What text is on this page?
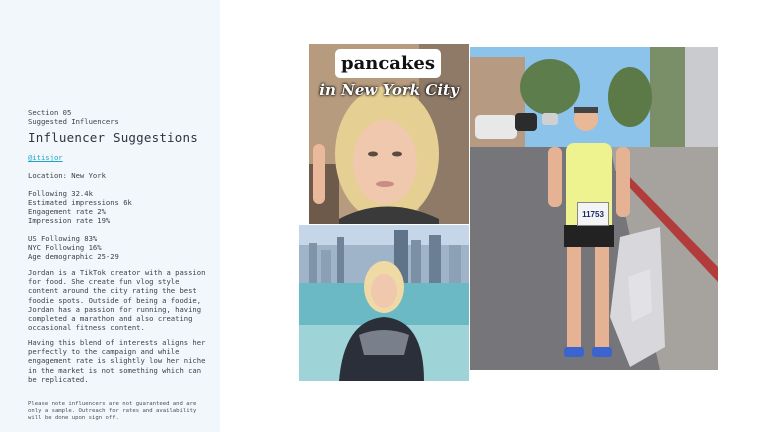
Section 05
Suggested Influencers
Influencer Suggestions
@itisjor
Location: New York
Following 32.4k
Estimated impressions 6k
Engagement rate 2%
Impression rate 19%
US Following 83%
NYC Following 16%
Age demographic 25-29
Jordan is a TikTok creator with a passion for food. She create fun vlog style content around the city rating the best foodie spots. Outside of being a foodie, Jordan has a passion for running, having completed a marathon and also creating occasional fitness content.
Having this blend of interests aligns her perfectly to the campaign and while engagement rate is slightly low her niche in the market is not something which can be replicated.
Please note influencers are not guaranteed and are only a sample. Outreach for rates and availability will be done upon sign off.
pancakes
in New York City
11753
